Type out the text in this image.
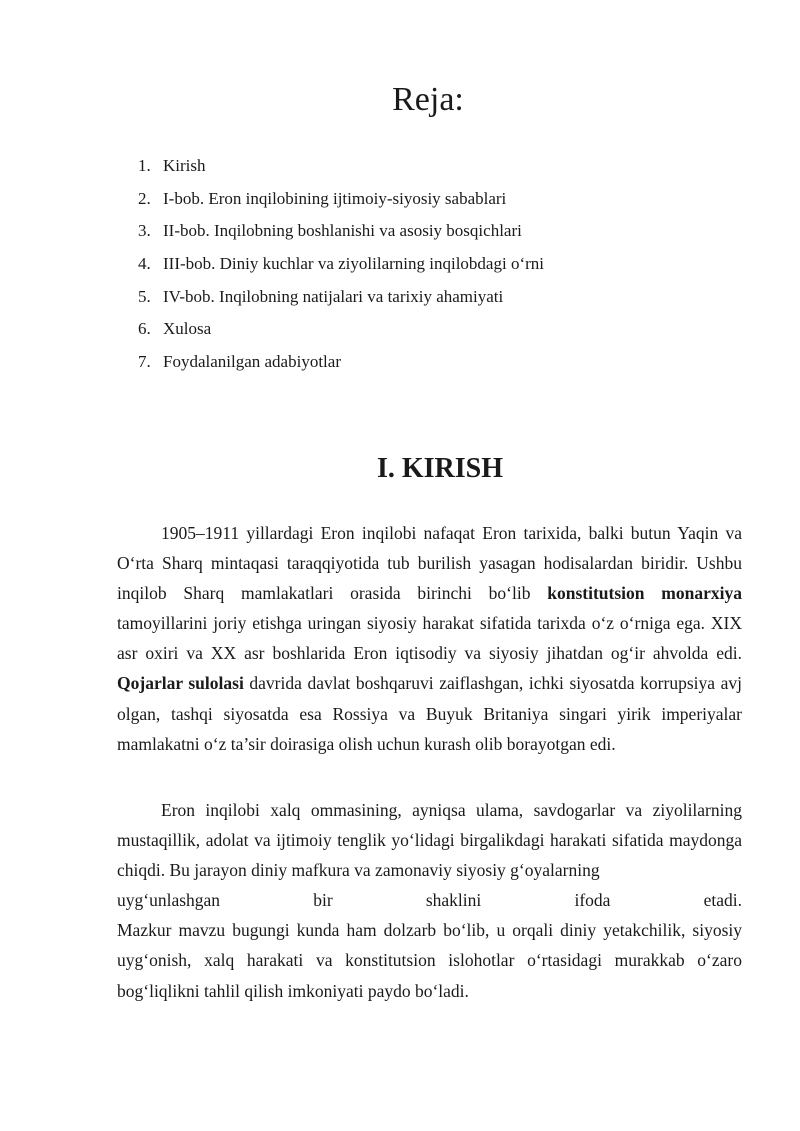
Reja:
1. Kirish
2. I-bob. Eron inqilobining ijtimoiy-siyosiy sabablari
3. II-bob. Inqilobning boshlanishi va asosiy bosqichlari
4. III-bob. Diniy kuchlar va ziyolilarning inqilobdagi o‘rni
5. IV-bob. Inqilobning natijalari va tarixiy ahamiyati
6. Xulosa
7. Foydalanilgan adabiyotlar
I. KIRISH

1905–1911 yillardagi Eron inqilobi nafaqat Eron tarixida, balki butun Yaqin va O‘rta Sharq mintaqasi taraqqiyotida tub burilish yasagan hodisalardan biridir. Ushbu inqilob Sharq mamlakatlari orasida birinchi bo‘lib konstitutsion monarxiya tamoyillarini joriy etishga uringan siyosiy harakat sifatida tarixda o‘z o‘rniga ega. XIX asr oxiri va XX asr boshlarida Eron iqtisodiy va siyosiy jihatdan og‘ir ahvolda edi. Qojarlar sulolasi davrida davlat boshqaruvi zaiflashgan, ichki siyosatda korrupsiya avj olgan, tashqi siyosatda esa Rossiya va Buyuk Britaniya singari yirik imperiyalar mamlakatni o‘z ta’sir doirasiga olish uchun kurash olib borayotgan edi.

Eron inqilobi xalq ommasining, ayniqsa ulama, savdogarlar va ziyolilarning mustaqillik, adolat va ijtimoiy tenglik yo‘lidagi birgalikdagi harakati sifatida maydonga chiqdi. Bu jarayon diniy mafkura va zamonaviy siyosiy g‘oyalarning
uyg‘unlashgan bir shaklini ifoda etadi.
Mazkur mavzu bugungi kunda ham dolzarb bo‘lib, u orqali diniy yetakchilik, siyosiy uyg‘onish, xalq harakati va konstitutsion islohotlar o‘rtasidagi murakkab o‘zaro bog‘liqlikni tahlil qilish imkoniyati paydo bo‘ladi.
